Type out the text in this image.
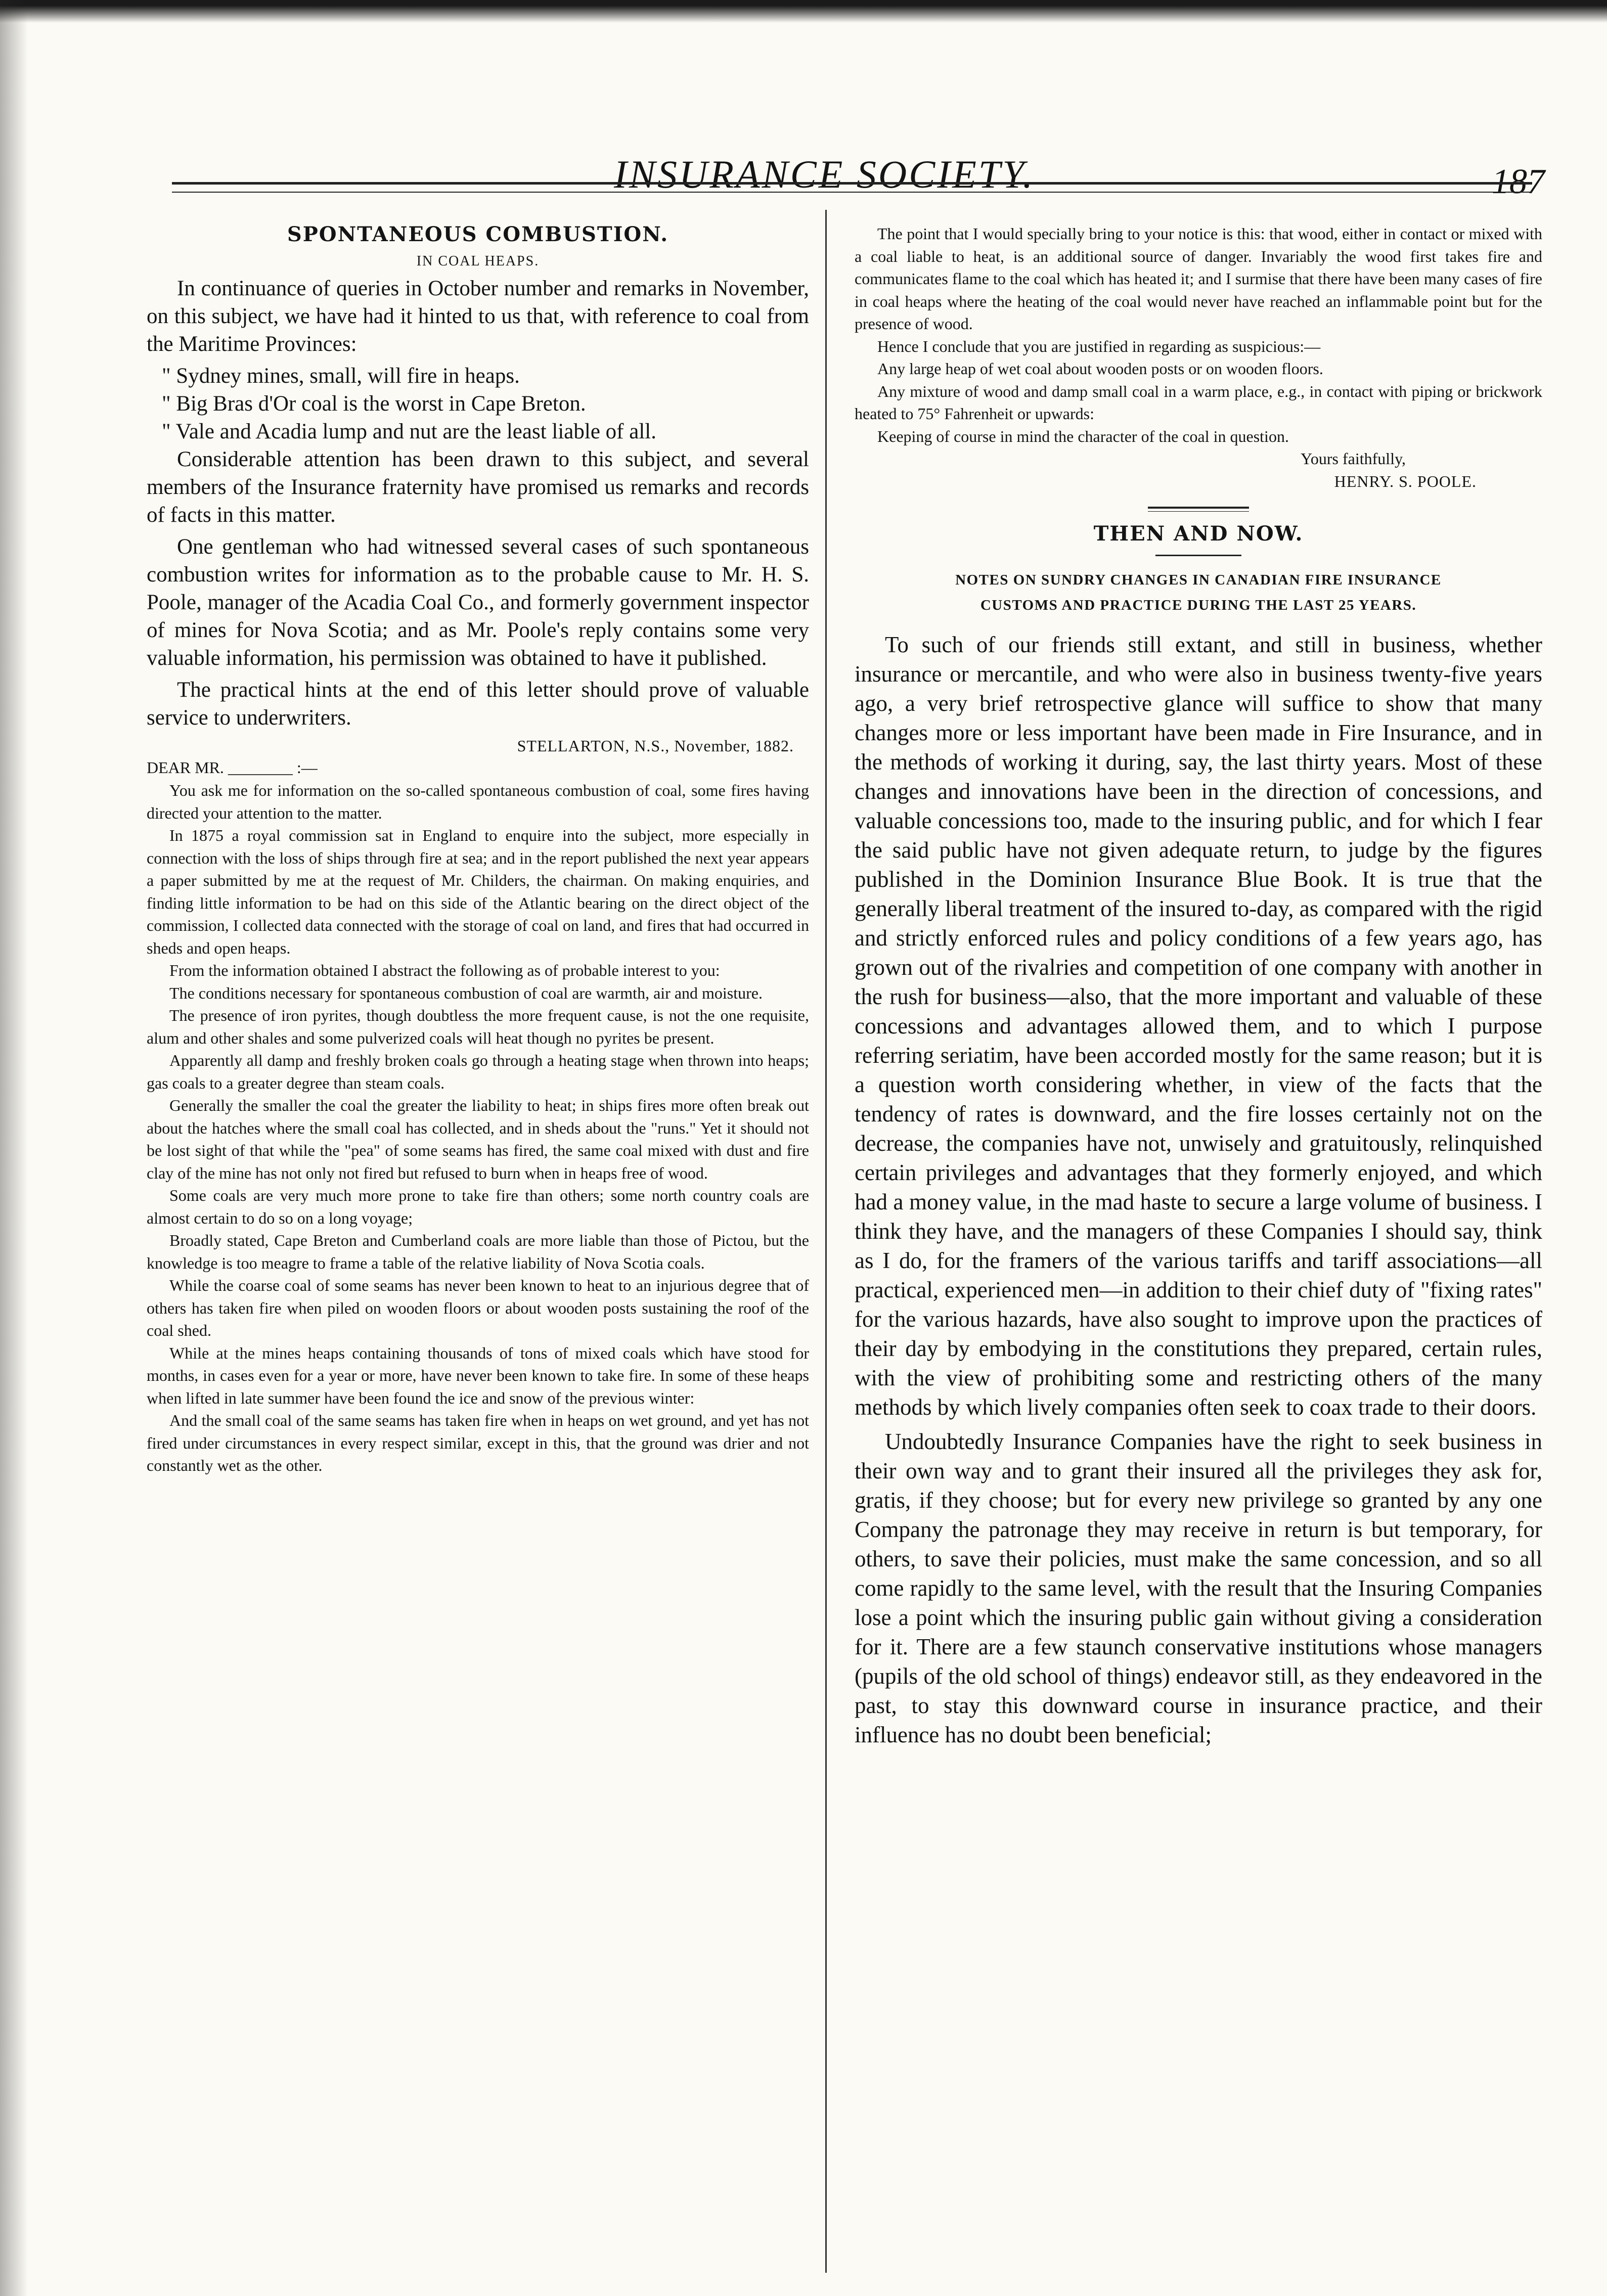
INSURANCE SOCIETY.	187
SPONTANEOUS COMBUSTION.
IN COAL HEAPS.

In continuance of queries in October number and remarks in November, on this subject, we have had it hinted to us that, with reference to coal from the Maritime Provinces:

" Sydney mines, small, will fire in heaps.

" Big Bras d'Or coal is the worst in Cape Breton.

" Vale and Acadia lump and nut are the least liable of all.

Considerable attention has been drawn to this subject, and several members of the Insurance fraternity have promised us remarks and records of facts in this matter.

One gentleman who had witnessed several cases of such spontaneous combustion writes for information as to the probable cause to Mr. H. S. Poole, manager of the Acadia Coal Co., and formerly government inspector of mines for Nova Scotia; and as Mr. Poole's reply contains some very valuable information, his permission was obtained to have it published.

The practical hints at the end of this letter should prove of valuable service to underwriters.

STELLARTON, N.S., November, 1882.
DEAR MR. ________ :—

You ask me for information on the so-called spontaneous combustion of coal, some fires having directed your attention to the matter.

In 1875 a royal commission sat in England to enquire into the subject, more especially in connection with the loss of ships through fire at sea; and in the report published the next year appears a paper submitted by me at the request of Mr. Childers, the chairman. On making enquiries, and finding little information to be had on this side of the Atlantic bearing on the direct object of the commission, I collected data connected with the storage of coal on land, and fires that had occurred in sheds and open heaps.

From the information obtained I abstract the following as of probable interest to you:

The conditions necessary for spontaneous combustion of coal are warmth, air and moisture.

The presence of iron pyrites, though doubtless the more frequent cause, is not the one requisite, alum and other shales and some pulverized coals will heat though no pyrites be present.

Apparently all damp and freshly broken coals go through a heating stage when thrown into heaps; gas coals to a greater degree than steam coals.

Generally the smaller the coal the greater the liability to heat; in ships fires more often break out about the hatches where the small coal has collected, and in sheds about the "runs." Yet it should not be lost sight of that while the "pea" of some seams has fired, the same coal mixed with dust and fire clay of the mine has not only not fired but refused to burn when in heaps free of wood.

Some coals are very much more prone to take fire than others; some north country coals are almost certain to do so on a long voyage;

Broadly stated, Cape Breton and Cumberland coals are more liable than those of Pictou, but the knowledge is too meagre to frame a table of the relative liability of Nova Scotia coals.

While the coarse coal of some seams has never been known to heat to an injurious degree that of others has taken fire when piled on wooden floors or about wooden posts sustaining the roof of the coal shed.

While at the mines heaps containing thousands of tons of mixed coals which have stood for months, in cases even for a year or more, have never been known to take fire. In some of these heaps when lifted in late summer have been found the ice and snow of the previous winter:

And the small coal of the same seams has taken fire when in heaps on wet ground, and yet has not fired under circumstances in every respect similar, except in this, that the ground was drier and not constantly wet as the other.

The point that I would specially bring to your notice is this: that wood, either in contact or mixed with a coal liable to heat, is an additional source of danger. Invariably the wood first takes fire and communicates flame to the coal which has heated it; and I surmise that there have been many cases of fire in coal heaps where the heating of the coal would never have reached an inflammable point but for the presence of wood.

Hence I conclude that you are justified in regarding as suspicious:—

Any large heap of wet coal about wooden posts or on wooden floors.

Any mixture of wood and damp small coal in a warm place, e.g., in contact with piping or brickwork heated to 75° Fahrenheit or upwards:

Keeping of course in mind the character of the coal in question.

Yours faithfully,
HENRY. S. POOLE.
THEN AND NOW.
NOTES ON SUNDRY CHANGES IN CANADIAN FIRE INSURANCE
CUSTOMS AND PRACTICE DURING THE LAST 25 YEARS.

To such of our friends still extant, and still in business, whether insurance or mercantile, and who were also in business twenty-five years ago, a very brief retrospective glance will suffice to show that many changes more or less important have been made in Fire Insurance, and in the methods of working it during, say, the last thirty years. Most of these changes and innovations have been in the direction of concessions, and valuable concessions too, made to the insuring public, and for which I fear the said public have not given adequate return, to judge by the figures published in the Dominion Insurance Blue Book. It is true that the generally liberal treatment of the insured to-day, as compared with the rigid and strictly enforced rules and policy conditions of a few years ago, has grown out of the rivalries and competition of one company with another in the rush for business—also, that the more important and valuable of these concessions and advantages allowed them, and to which I purpose referring seriatim, have been accorded mostly for the same reason; but it is a question worth considering whether, in view of the facts that the tendency of rates is downward, and the fire losses certainly not on the decrease, the companies have not, unwisely and gratuitously, relinquished certain privileges and advantages that they formerly enjoyed, and which had a money value, in the mad haste to secure a large volume of business. I think they have, and the managers of these Companies I should say, think as I do, for the framers of the various tariffs and tariff associations—all practical, experienced men—in addition to their chief duty of "fixing rates" for the various hazards, have also sought to improve upon the practices of their day by embodying in the constitutions they prepared, certain rules, with the view of prohibiting some and restricting others of the many methods by which lively companies often seek to coax trade to their doors.

Undoubtedly Insurance Companies have the right to seek business in their own way and to grant their insured all the privileges they ask for, gratis, if they choose; but for every new privilege so granted by any one Company the patronage they may receive in return is but temporary, for others, to save their policies, must make the same concession, and so all come rapidly to the same level, with the result that the Insuring Companies lose a point which the insuring public gain without giving a consideration for it. There are a few staunch conservative institutions whose managers (pupils of the old school of things) endeavor still, as they endeavored in the past, to stay this downward course in insurance practice, and their influence has no doubt been beneficial;
